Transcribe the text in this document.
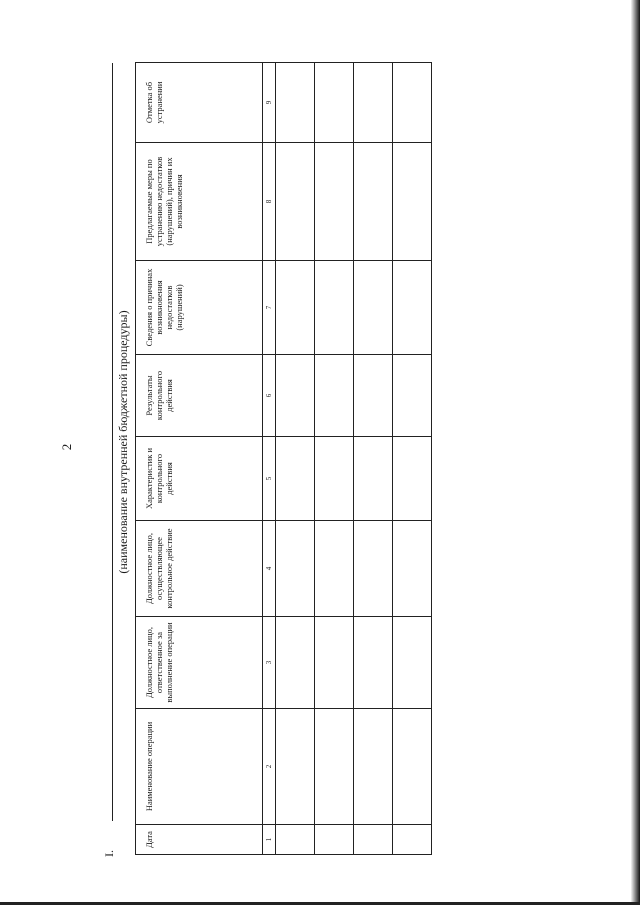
2
I.
(наименование внутренней бюджетной процедуры)
Дата	Наименование операции	Должностное лицо, ответственное за выполнение операции	Должностное лицо, осуществляющее контрольное действие	Характеристик и контрольного действия	Результаты контрольного действия	Сведения о причинах возникновения недостатков (нарушений)	Предлагаемые меры по устранению недостатков (нарушений), причин их возникновения	Отметка об устранении
1	2	3	4	5	6	7	8	9
